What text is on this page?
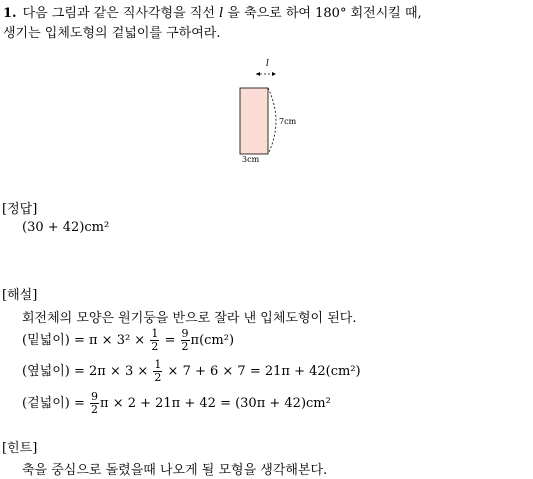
1. 다음 그림과 같은 직사각형을 직선 l 을 축으로 하여 180° 회전시킬 때,
생기는 입체도형의 겉넓이를 구하여라.
l
7cm
3cm
[정답]
(30 + 42)cm²
[해설]
회전체의 모양은 원기둥을 반으로 잘라 낸 입체도형이 된다.
(밑넓이) = $\pi \times 3^2 \times \frac{1}{2} = \frac{9}{2} \pi(cm^2)$
(옆넓이) = $2\pi \times 3 \times \frac{1}{2} \times 7 + 6 \times 7 = 21\pi + 42(cm^2)$
(겉넓이) = $\frac{9}{2}$ π × 2 + 21π + 42 = (30π + 42)cm²
[힌트]
축을 중심으로 돌렸을때 나오게 될 모형을 생각해본다.
